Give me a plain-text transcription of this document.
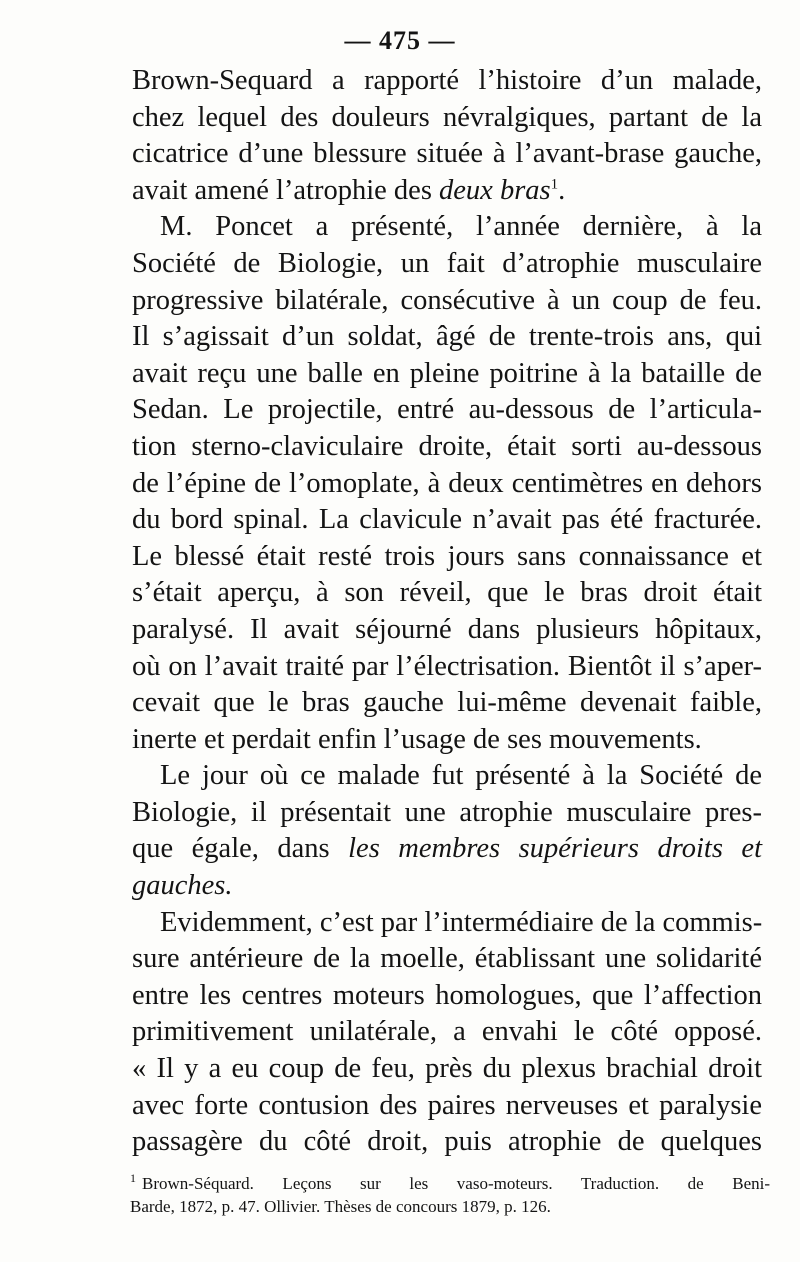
— 475 —
Brown-Sequard a rapporté l’histoire d’un malade,
chez lequel des douleurs névralgiques, partant de la
cicatrice d’une blessure située à l’avant-brase gauche,
avait amené l’atrophie des deux bras$^1$.
M. Poncet a présenté, l’année dernière, à la
Société de Biologie, un fait d’atrophie musculaire
progressive bilatérale, consécutive à un coup de feu.
Il s’agissait d’un soldat, âgé de trente-trois ans, qui
avait reçu une balle en pleine poitrine à la bataille de
Sedan. Le projectile, entré au-dessous de l’articula-
tion sterno-claviculaire droite, était sorti au-dessous
de l’épine de l’omoplate, à deux centimètres en dehors
du bord spinal. La clavicule n’avait pas été fracturée.
Le blessé était resté trois jours sans connaissance et
s’était aperçu, à son réveil, que le bras droit était
paralysé. Il avait séjourné dans plusieurs hôpitaux,
où on l’avait traité par l’électrisation. Bientôt il s’aper-
cevait que le bras gauche lui-même devenait faible,
inerte et perdait enfin l’usage de ses mouvements.
Le jour où ce malade fut présenté à la Société de
Biologie, il présentait une atrophie musculaire pres-
que égale, dans les membres supérieurs droits et
gauches.
Evidemment, c’est par l’intermédiaire de la commis-
sure antérieure de la moelle, établissant une solidarité
entre les centres moteurs homologues, que l’affection
primitivement unilatérale, a envahi le côté opposé.
« Il y a eu coup de feu, près du plexus brachial droit
avec forte contusion des paires nerveuses et paralysie
passagère du côté droit, puis atrophie de quelques
$^1$ Brown-Séquard. Leçons sur les vaso-moteurs. Traduction. de Beni-
Barde, 1872, p. 47. Ollivier. Thèses de concours 1879, p. 126.
